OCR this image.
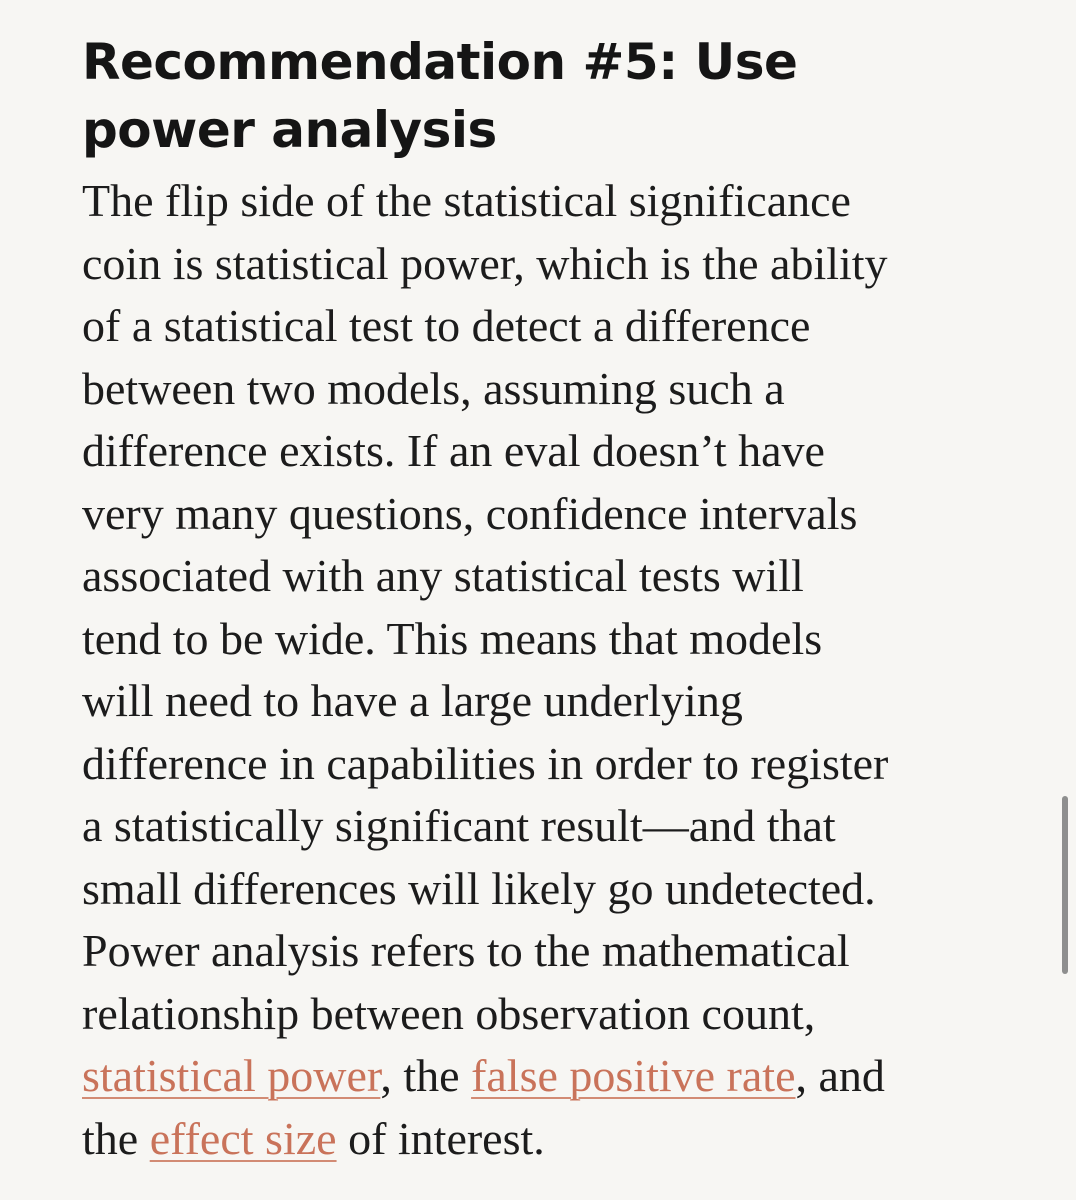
Recommendation #5: Use
power analysis

The flip side of the statistical significance
coin is statistical power, which is the ability
of a statistical test to detect a difference
between two models, assuming such a
difference exists. If an eval doesn’t have
very many questions, confidence intervals
associated with any statistical tests will
tend to be wide. This means that models
will need to have a large underlying
difference in capabilities in order to register
a statistically significant result—and that
small differences will likely go undetected.
Power analysis refers to the mathematical
relationship between observation count,
statistical power, the false positive rate, and
the effect size of interest.
